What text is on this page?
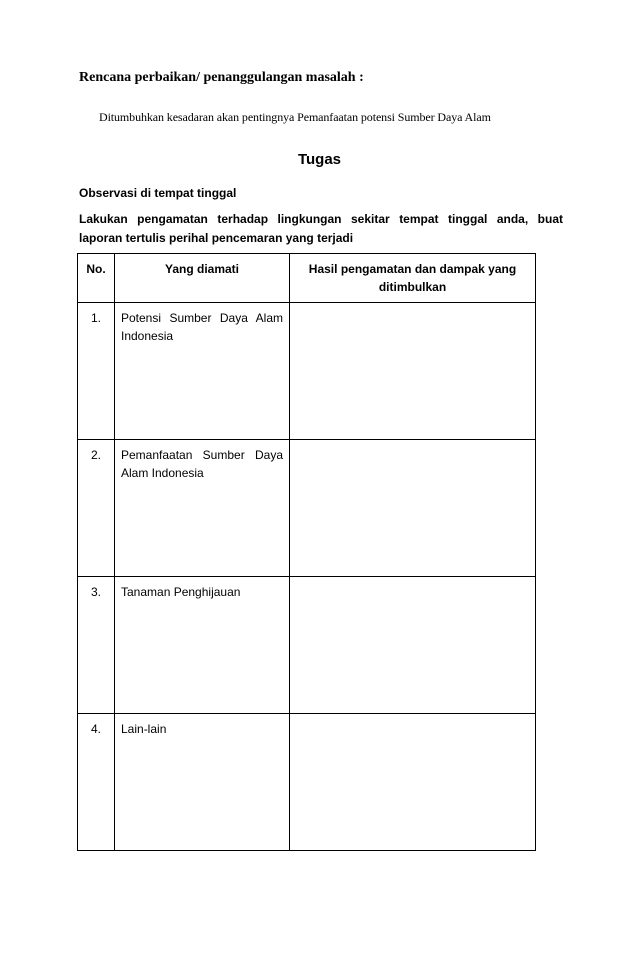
Rencana perbaikan/ penanggulangan masalah :
Ditumbuhkan kesadaran akan pentingnya Pemanfaatan potensi Sumber Daya Alam
Tugas
Observasi di tempat tinggal
Lakukan pengamatan terhadap lingkungan sekitar tempat tinggal anda, buat
laporan tertulis perihal pencemaran yang terjadi
No.	Yang diamati	Hasil pengamatan dan dampak yang
ditimbulkan

1.	Potensi Sumber Daya Alam
Indonesia	

2.	Pemanfaatan Sumber Daya
Alam Indonesia	

3.	Tanaman Penghijauan	

4.	Lain-lain	
